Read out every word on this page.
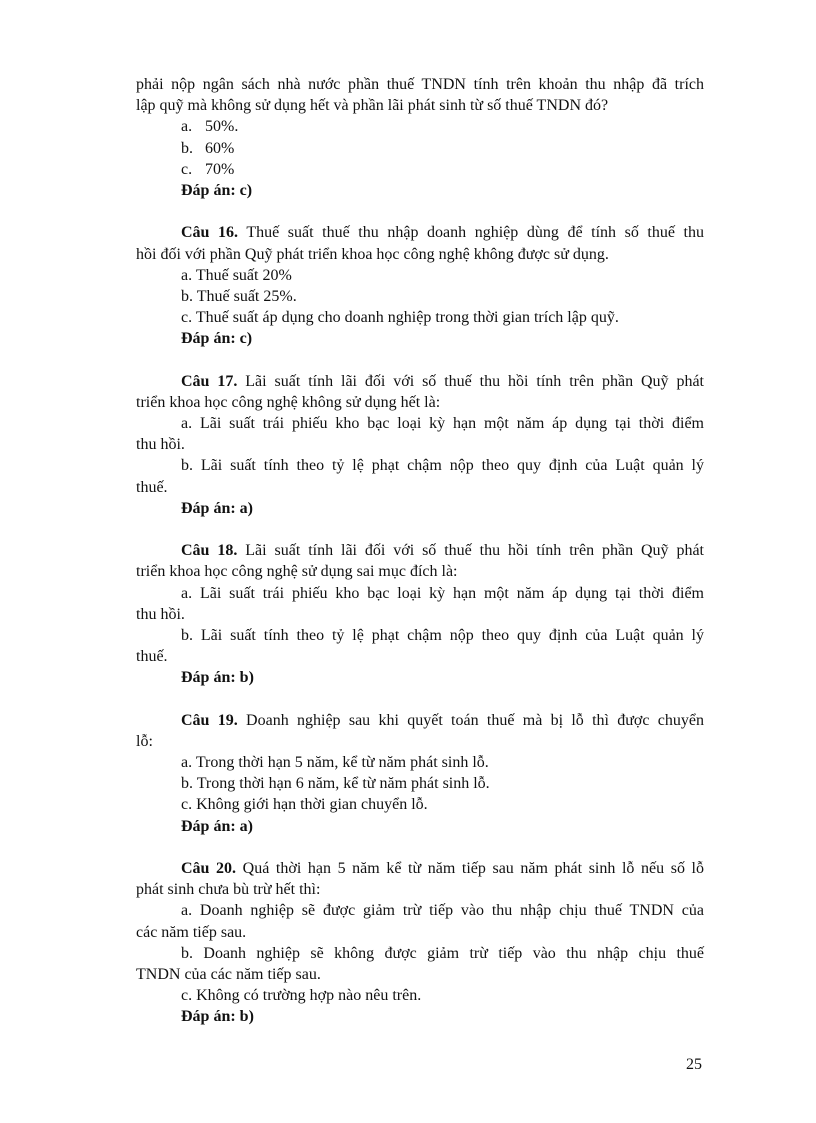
phải nộp ngân sách nhà nước phần thuế TNDN tính trên khoản thu nhập đã trích
lập quỹ mà không sử dụng hết và phần lãi phát sinh từ số thuế TNDN đó?
a. 50%.
b. 60%
c. 70%
Đáp án: c)
Câu 16. Thuế suất thuế thu nhập doanh nghiệp dùng để tính số thuế thu
hồi đối với phần Quỹ phát triển khoa học công nghệ không được sử dụng.
a. Thuế suất 20%
b. Thuế suất 25%.
c. Thuế suất áp dụng cho doanh nghiệp trong thời gian trích lập quỹ.
Đáp án: c)
Câu 17. Lãi suất tính lãi đối với số thuế thu hồi tính trên phần Quỹ phát
triển khoa học công nghệ không sử dụng hết là:
a. Lãi suất trái phiếu kho bạc loại kỳ hạn một năm áp dụng tại thời điểm
thu hồi.
b. Lãi suất tính theo tỷ lệ phạt chậm nộp theo quy định của Luật quản lý
thuế.
Đáp án: a)
Câu 18. Lãi suất tính lãi đối với số thuế thu hồi tính trên phần Quỹ phát
triển khoa học công nghệ sử dụng sai mục đích là:
a. Lãi suất trái phiếu kho bạc loại kỳ hạn một năm áp dụng tại thời điểm
thu hồi.
b. Lãi suất tính theo tỷ lệ phạt chậm nộp theo quy định của Luật quản lý
thuế.
Đáp án: b)
Câu 19. Doanh nghiệp sau khi quyết toán thuế mà bị lỗ thì được chuyển
lỗ:
a. Trong thời hạn 5 năm, kể từ năm phát sinh lỗ.
b. Trong thời hạn 6 năm, kể từ năm phát sinh lỗ.
c. Không giới hạn thời gian chuyển lỗ.
Đáp án: a)
Câu 20. Quá thời hạn 5 năm kể từ năm tiếp sau năm phát sinh lỗ nếu số lỗ
phát sinh chưa bù trừ hết thì:
a. Doanh nghiệp sẽ được giảm trừ tiếp vào thu nhập chịu thuế TNDN của
các năm tiếp sau.
b. Doanh nghiệp sẽ không được giảm trừ tiếp vào thu nhập chịu thuế
TNDN của các năm tiếp sau.
c. Không có trường hợp nào nêu trên.
Đáp án: b)
25
